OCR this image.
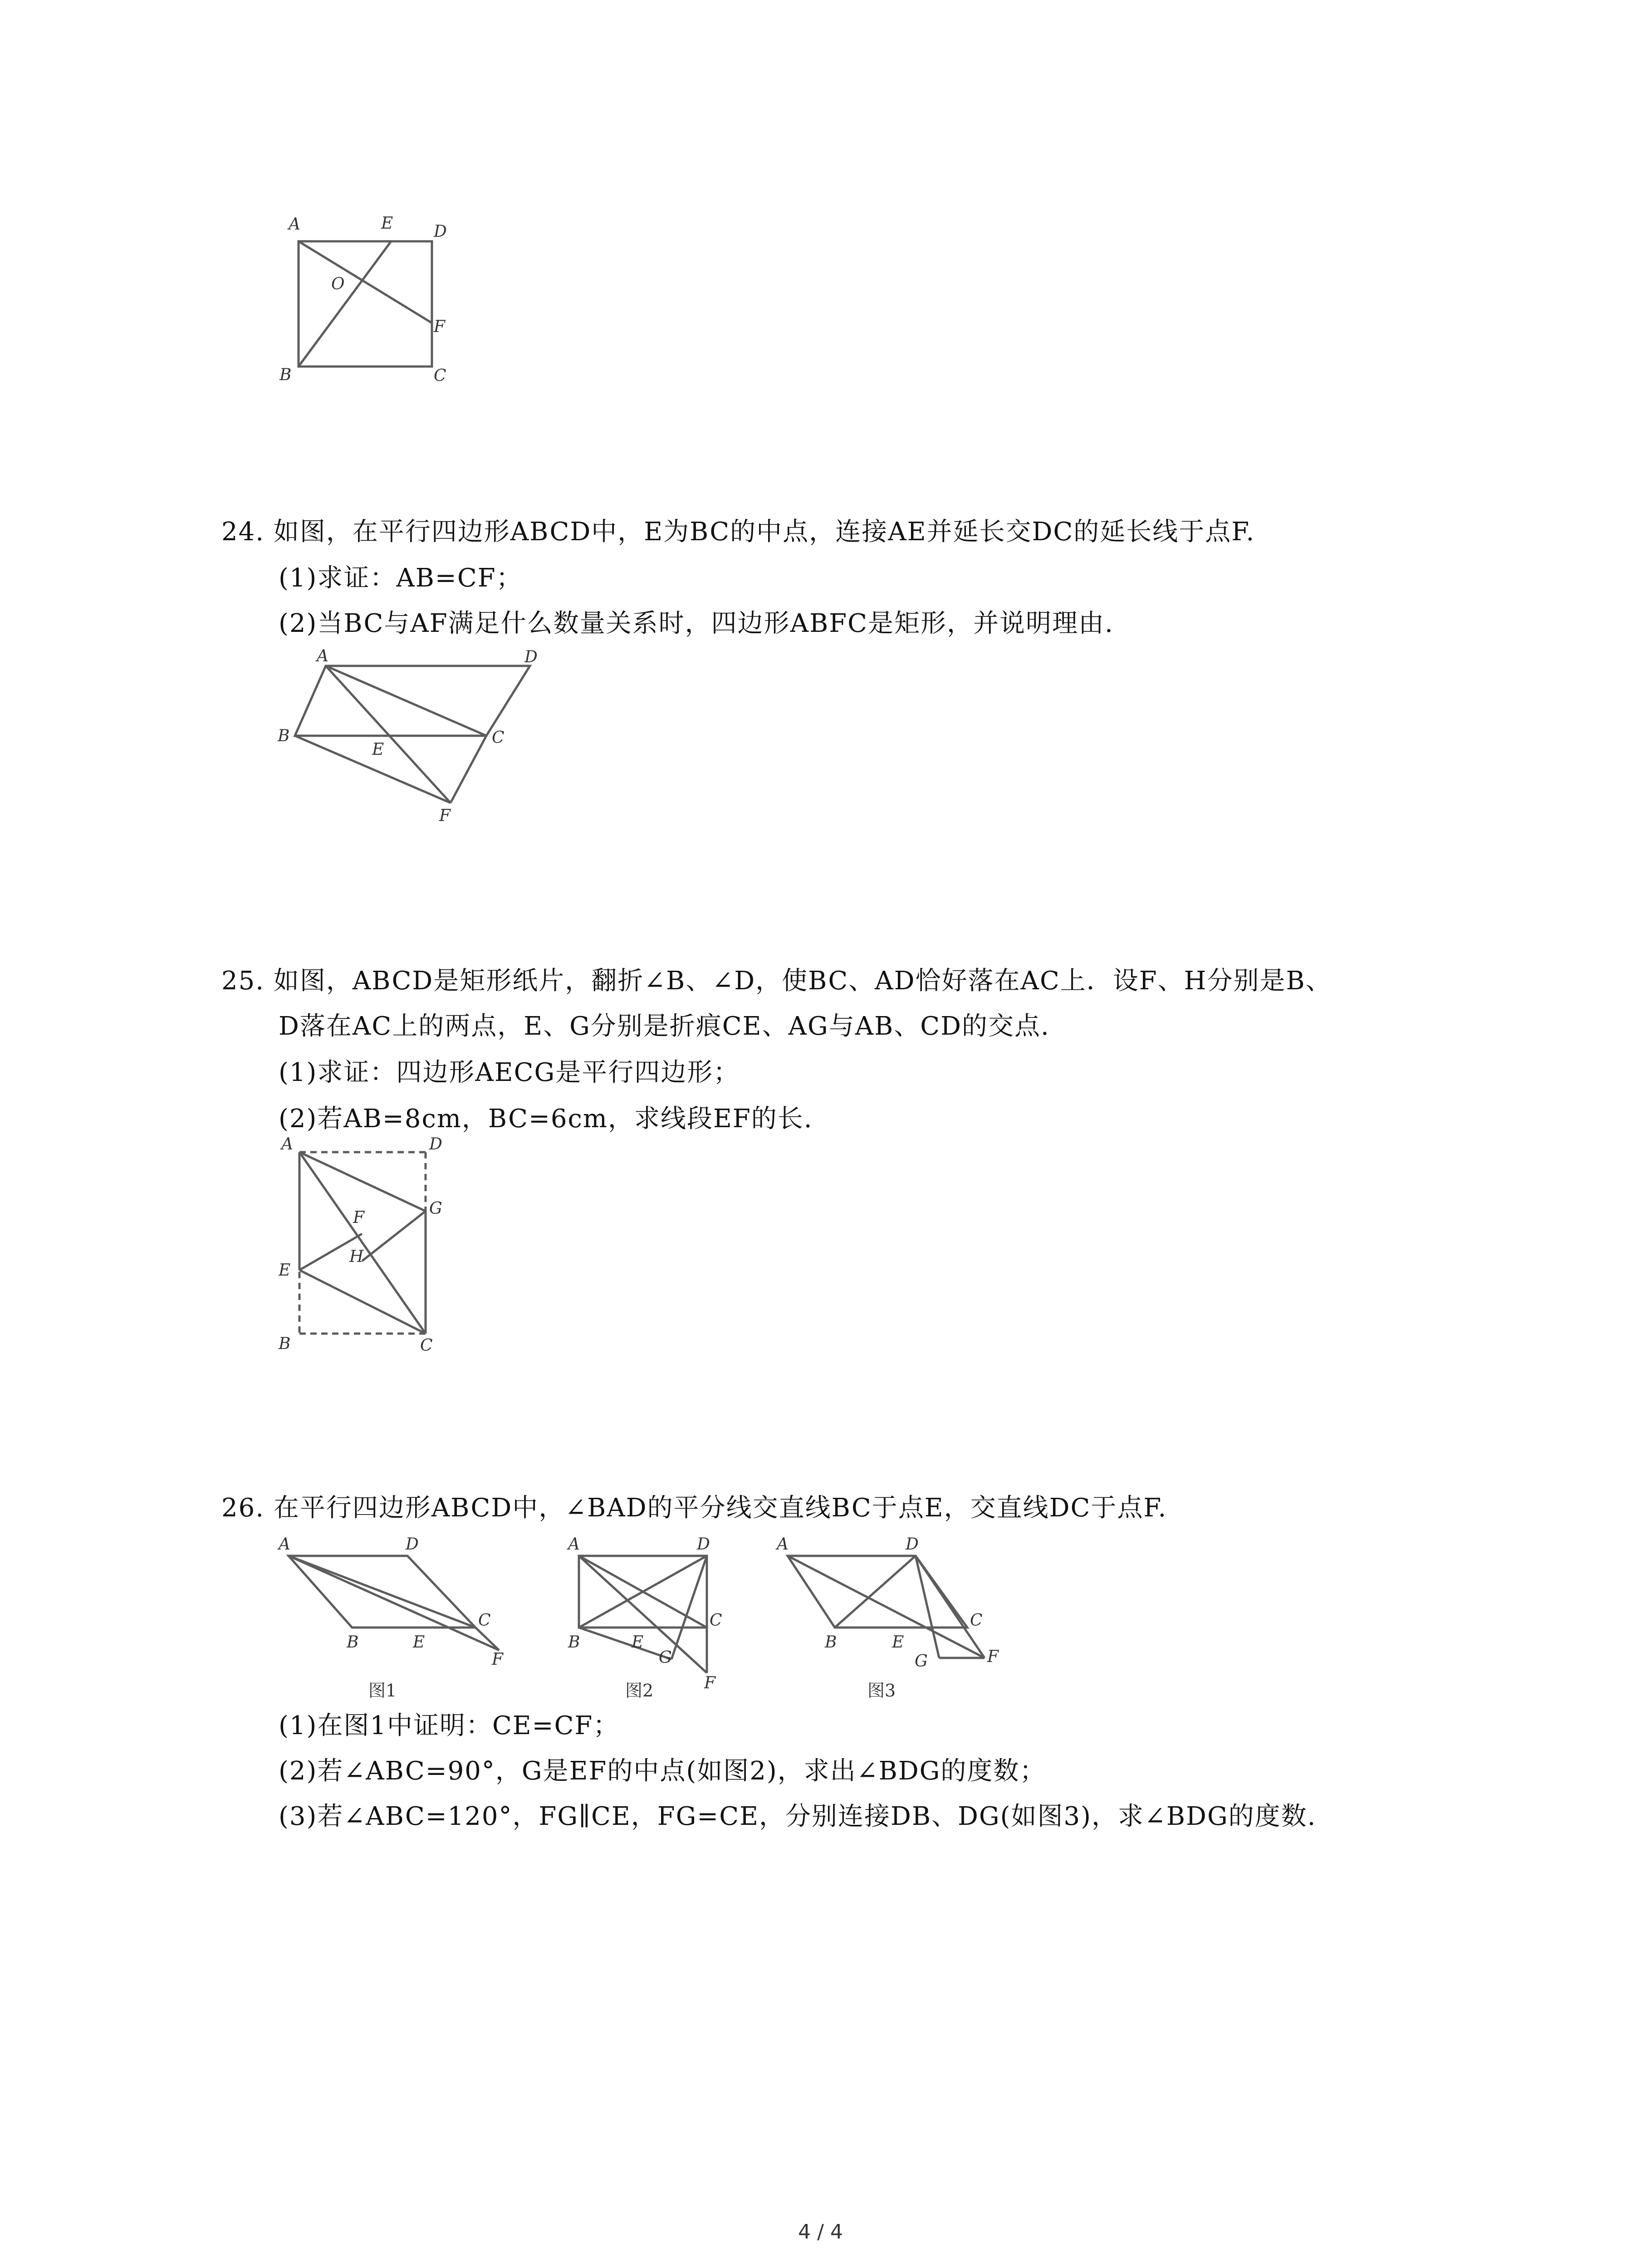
A	E D
O
F
B	C
24. 如图，在平行四边形ABCD中，E为BC的中点，连接AE并延长交DC的延长线于点F.
(1)求证：AB=CF；
(2)当BC与AF满足什么数量关系时，四边形ABFC是矩形，并说明理由.
A	D
B
E
C
F
25. 如图，ABCD是矩形纸片，翻折∠B、∠D，使BC、AD恰好落在AC上．设F、H分别是B、
D落在AC上的两点，E、G分别是折痕CE、AG与AB、CD的交点.
(1)求证：四边形AECG是平行四边形；
(2)若AB=8cm，BC=6cm，求线段EF的长.
A	D
F	G
E
H
B	C
26. 在平行四边形ABCD中，∠BAD的平分线交直线BC于点E，交直线DC于点F.
A	D
B	E
C
F
图1
A	D
B	E
C
G
F
图2
A	D
B	E
C
G	F
图3
(1)在图1中证明：CE=CF；
(2)若∠ABC=90°，G是EF的中点(如图2)，求出∠BDG的度数；
(3)若∠ABC=120°，FG∥CE，FG=CE，分别连接DB、DG(如图3)，求∠BDG的度数.
4 / 4
